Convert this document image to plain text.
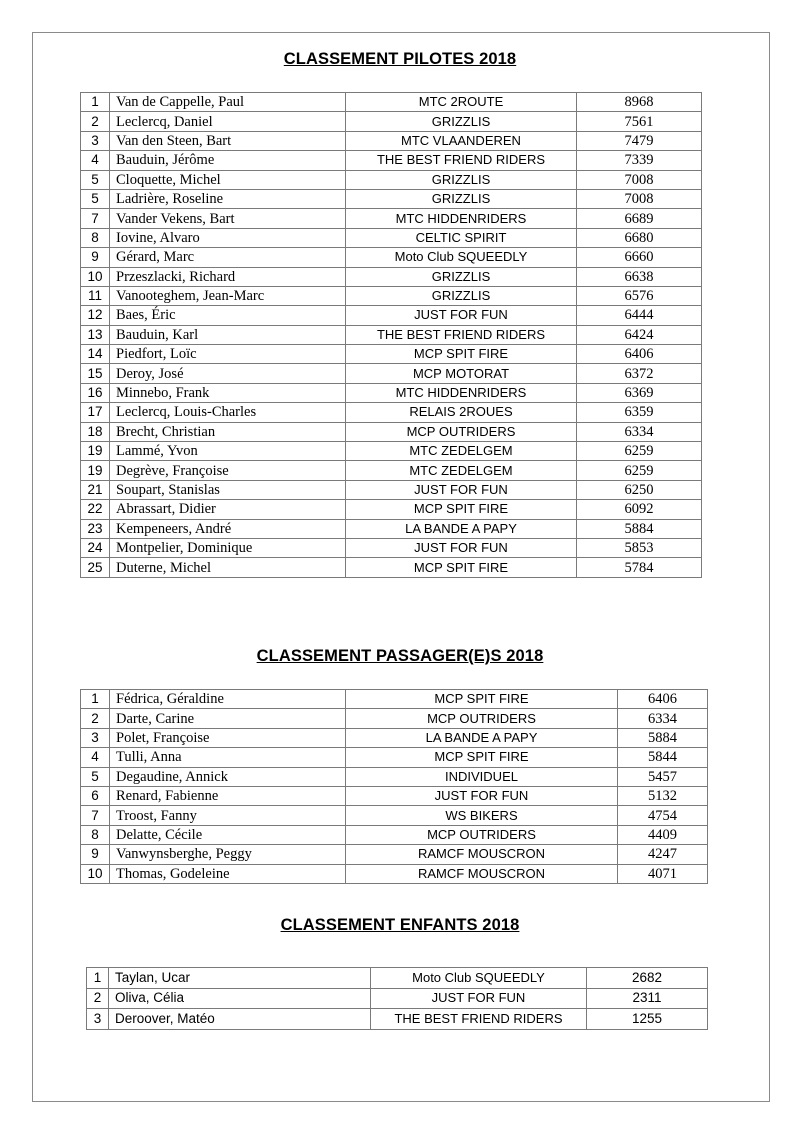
CLASSEMENT PILOTES 2018
1	Van de Cappelle, Paul	MTC 2ROUTE	8968
2	Leclercq, Daniel	GRIZZLIS	7561
3	Van den Steen, Bart	MTC VLAANDEREN	7479
4	Bauduin, Jérôme	THE BEST FRIEND RIDERS	7339
5	Cloquette, Michel	GRIZZLIS	7008
5	Ladrière, Roseline	GRIZZLIS	7008
7	Vander Vekens, Bart	MTC HIDDENRIDERS	6689
8	Iovine, Alvaro	CELTIC SPIRIT	6680
9	Gérard, Marc	Moto Club SQUEEDLY	6660
10	Przeszlacki, Richard	GRIZZLIS	6638
11	Vanooteghem, Jean-Marc	GRIZZLIS	6576
12	Baes, Éric	JUST FOR FUN	6444
13	Bauduin, Karl	THE BEST FRIEND RIDERS	6424
14	Piedfort, Loïc	MCP SPIT FIRE	6406
15	Deroy, José	MCP MOTORAT	6372
16	Minnebo, Frank	MTC HIDDENRIDERS	6369
17	Leclercq, Louis-Charles	RELAIS 2ROUES	6359
18	Brecht, Christian	MCP OUTRIDERS	6334
19	Lammé, Yvon	MTC ZEDELGEM	6259
19	Degrève, Françoise	MTC ZEDELGEM	6259
21	Soupart, Stanislas	JUST FOR FUN	6250
22	Abrassart, Didier	MCP SPIT FIRE	6092
23	Kempeneers, André	LA BANDE A PAPY	5884
24	Montpelier, Dominique	JUST FOR FUN	5853
25	Duterne, Michel	MCP SPIT FIRE	5784
CLASSEMENT PASSAGER(E)S 2018
1	Fédrica, Géraldine	MCP SPIT FIRE	6406
2	Darte, Carine	MCP OUTRIDERS	6334
3	Polet, Françoise	LA BANDE A PAPY	5884
4	Tulli, Anna	MCP SPIT FIRE	5844
5	Degaudine, Annick	INDIVIDUEL	5457
6	Renard, Fabienne	JUST FOR FUN	5132
7	Troost, Fanny	WS BIKERS	4754
8	Delatte, Cécile	MCP OUTRIDERS	4409
9	Vanwynsberghe, Peggy	RAMCF MOUSCRON	4247
10	Thomas, Godeleine	RAMCF MOUSCRON	4071
CLASSEMENT ENFANTS 2018
1	Taylan, Ucar	Moto Club SQUEEDLY	2682
2	Oliva, Célia	JUST FOR FUN	2311
3	Deroover, Matéo	THE BEST FRIEND RIDERS	1255
